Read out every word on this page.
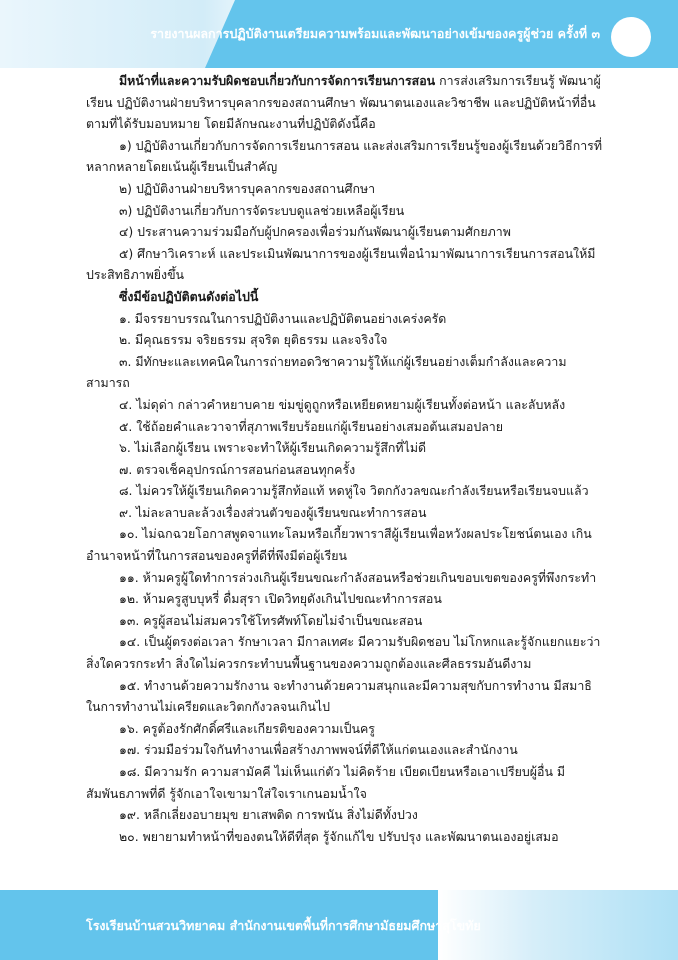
รายงานผลการปฏิบัติงานเตรียมความพร้อมและพัฒนาอย่างเข้มของครูผู้ช่วย ครั้งที่ ๓

มีหน้าที่และความรับผิดชอบเกี่ยวกับการจัดการเรียนการสอน การส่งเสริมการเรียนรู้ พัฒนาผู้เรียน ปฏิบัติงานฝ่ายบริหารบุคลากรของสถานศึกษา พัฒนาตนเองและวิชาชีพ และปฏิบัติหน้าที่อื่นตามที่ได้รับมอบหมาย โดยมีลักษณะงานที่ปฏิบัติดังนี้คือ

๑) ปฏิบัติงานเกี่ยวกับการจัดการเรียนการสอน และส่งเสริมการเรียนรู้ของผู้เรียนด้วยวิธีการที่หลากหลายโดยเน้นผู้เรียนเป็นสำคัญ

๒) ปฏิบัติงานฝ่ายบริหารบุคลากรของสถานศึกษา

๓) ปฏิบัติงานเกี่ยวกับการจัดระบบดูแลช่วยเหลือผู้เรียน

๔) ประสานความร่วมมือกับผู้ปกครองเพื่อร่วมกันพัฒนาผู้เรียนตามศักยภาพ

๕) ศึกษาวิเคราะห์ และประเมินพัฒนาการของผู้เรียนเพื่อนำมาพัฒนาการเรียนการสอนให้มีประสิทธิภาพยิ่งขึ้น

ซึ่งมีข้อปฏิบัติตนดังต่อไปนี้

๑. มีจรรยาบรรณในการปฏิบัติงานและปฏิบัติตนอย่างเคร่งครัด

๒. มีคุณธรรม จริยธรรม สุจริต ยุติธรรม และจริงใจ

๓. มีทักษะและเทคนิคในการถ่ายทอดวิชาความรู้ให้แก่ผู้เรียนอย่างเต็มกำลังและความสามารถ

๔. ไม่ดุด่า กล่าวคำหยาบคาย ข่มขู่ดูถูกหรือเหยียดหยามผู้เรียนทั้งต่อหน้า และลับหลัง

๕. ใช้ถ้อยคำและวาจาที่สุภาพเรียบร้อยแก่ผู้เรียนอย่างเสมอต้นเสมอปลาย

๖. ไม่เลือกผู้เรียน เพราะจะทำให้ผู้เรียนเกิดความรู้สึกที่ไม่ดี

๗. ตรวจเช็คอุปกรณ์การสอนก่อนสอนทุกครั้ง

๘. ไม่ควรให้ผู้เรียนเกิดความรู้สึกท้อแท้ หดหู่ใจ วิตกกังวลขณะกำลังเรียนหรือเรียนจบแล้ว

๙. ไม่ละลาบละล้วงเรื่องส่วนตัวของผู้เรียนขณะทำการสอน

๑๐. ไม่ฉกฉวยโอกาสพูดจาแทะโลมหรือเกี้ยวพาราสีผู้เรียนเพื่อหวังผลประโยชน์ตนเอง เกินอำนาจหน้าที่ในการสอนของครูที่ดีที่พึงมีต่อผู้เรียน

๑๑. ห้ามครูผู้ใดทำการล่วงเกินผู้เรียนขณะกำลังสอนหรือช่วยเกินขอบเขตของครูที่พึงกระทำ

๑๒. ห้ามครูสูบบุหรี่ ดื่มสุรา เปิดวิทยุดังเกินไปขณะทำการสอน

๑๓. ครูผู้สอนไม่สมควรใช้โทรศัพท์โดยไม่จำเป็นขณะสอน

๑๔. เป็นผู้ตรงต่อเวลา รักษาเวลา มีกาลเทศะ มีความรับผิดชอบ ไม่โกหกและรู้จักแยกแยะว่า สิ่งใดควรกระทำ สิ่งใดไม่ควรกระทำบนพื้นฐานของความถูกต้องและศีลธรรมอันดีงาม

๑๕. ทำงานด้วยความรักงาน จะทำงานด้วยความสนุกและมีความสุขกับการทำงาน มีสมาธิในการทำงานไม่เครียดและวิตกกังวลจนเกินไป

๑๖. ครูต้องรักศักดิ์ศรีและเกียรติของความเป็นครู

๑๗. ร่วมมือร่วมใจกันทำงานเพื่อสร้างภาพพจน์ที่ดีให้แก่ตนเองและสำนักงาน

๑๘. มีความรัก ความสามัคคี ไม่เห็นแก่ตัว ไม่คิดร้าย เบียดเบียนหรือเอาเปรียบผู้อื่น มีสัมพันธภาพที่ดี รู้จักเอาใจเขามาใส่ใจเราเกนอมน้ำใจ

๑๙. หลีกเลี่ยงอบายมุข ยาเสพติด การพนัน สิ่งไม่ดีทั้งปวง

๒๐. พยายามทำหน้าที่ของตนให้ดีที่สุด รู้จักแก้ไข ปรับปรุง และพัฒนาตนเองอยู่เสมอ

โรงเรียนบ้านสวนวิทยาคม สำนักงานเขตพื้นที่การศึกษามัธยมศึกษาสุโขทัย
